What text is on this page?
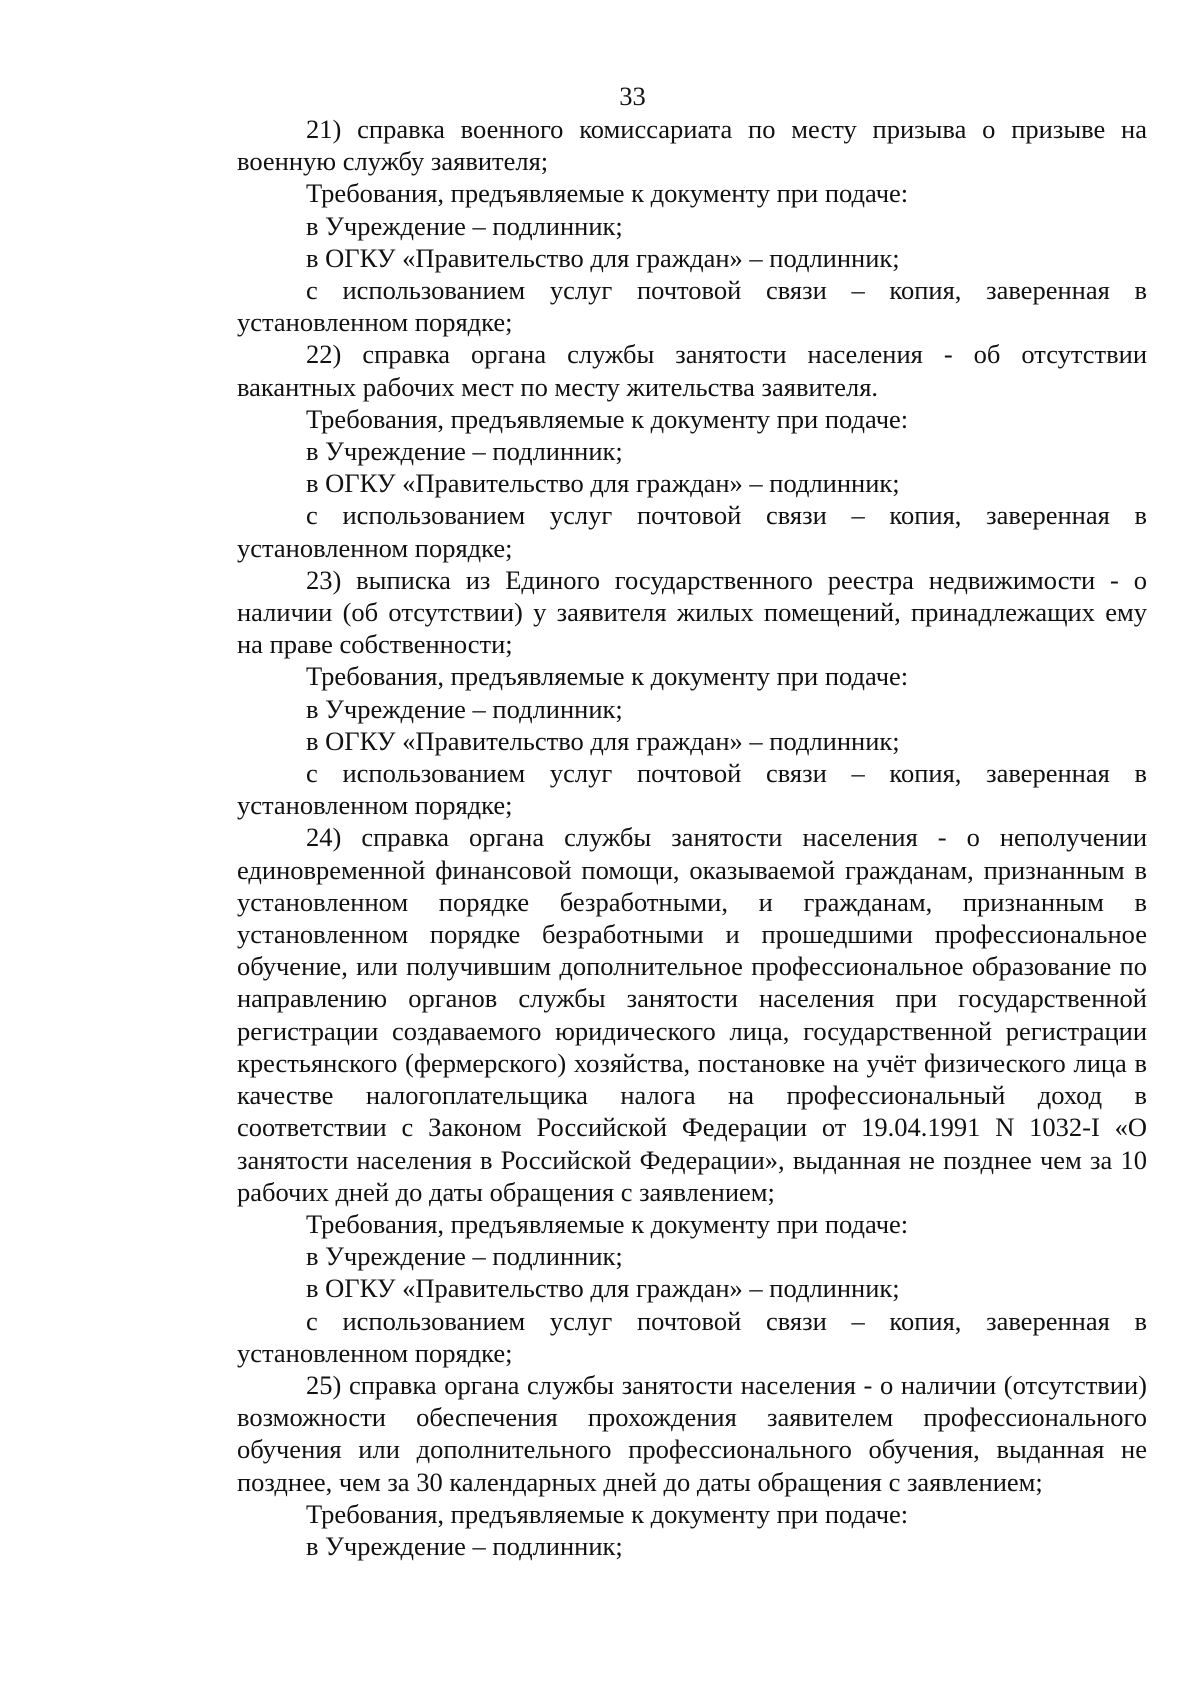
33

21) справка военного комиссариата по месту призыва о призыве на военную службу заявителя;

Требования, предъявляемые к документу при подаче:

в Учреждение – подлинник;

в ОГКУ «Правительство для граждан» – подлинник;

с использованием услуг почтовой связи – копия, заверенная в установленном порядке;

22) справка органа службы занятости населения - об отсутствии вакантных рабочих мест по месту жительства заявителя.

Требования, предъявляемые к документу при подаче:

в Учреждение – подлинник;

в ОГКУ «Правительство для граждан» – подлинник;

с использованием услуг почтовой связи – копия, заверенная в установленном порядке;

23) выписка из Единого государственного реестра недвижимости - о наличии (об отсутствии) у заявителя жилых помещений, принадлежащих ему на праве собственности;

Требования, предъявляемые к документу при подаче:

в Учреждение – подлинник;

в ОГКУ «Правительство для граждан» – подлинник;

с использованием услуг почтовой связи – копия, заверенная в установленном порядке;

24) справка органа службы занятости населения - о неполучении единовременной финансовой помощи, оказываемой гражданам, признанным в установленном порядке безработными, и гражданам, признанным в установленном порядке безработными и прошедшими профессиональное обучение, или получившим дополнительное профессиональное образование по направлению органов службы занятости населения при государственной регистрации создаваемого юридического лица, государственной регистрации крестьянского (фермерского) хозяйства, постановке на учёт физического лица в качестве налогоплательщика налога на профессиональный доход в соответствии с Законом Российской Федерации от 19.04.1991 N 1032-I «О занятости населения в Российской Федерации», выданная не позднее чем за 10 рабочих дней до даты обращения с заявлением;

Требования, предъявляемые к документу при подаче:

в Учреждение – подлинник;

в ОГКУ «Правительство для граждан» – подлинник;

с использованием услуг почтовой связи – копия, заверенная в установленном порядке;

25) справка органа службы занятости населения - о наличии (отсутствии) возможности обеспечения прохождения заявителем профессионального обучения или дополнительного профессионального обучения, выданная не позднее, чем за 30 календарных дней до даты обращения с заявлением;

Требования, предъявляемые к документу при подаче:

в Учреждение – подлинник;
